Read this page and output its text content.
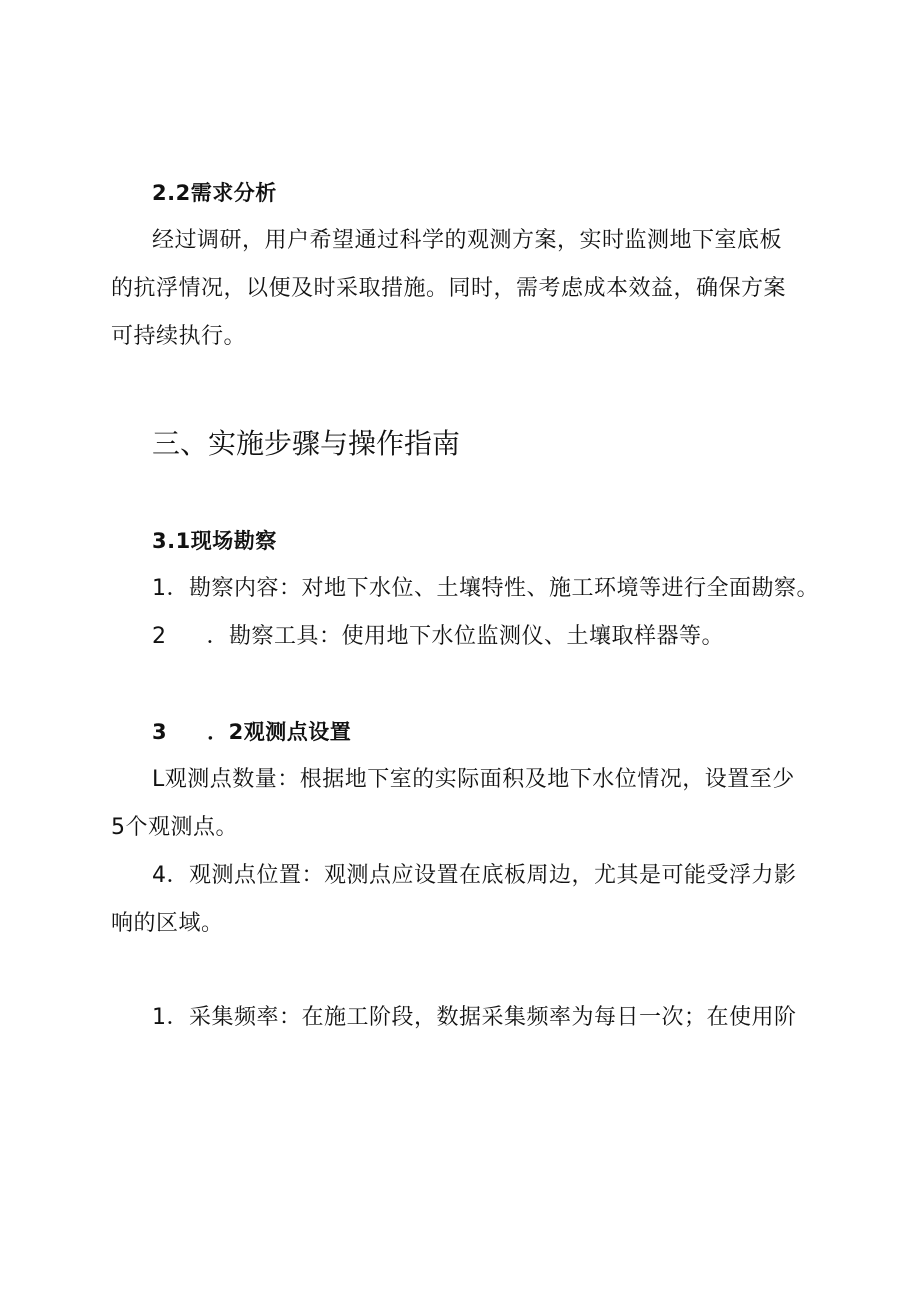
2.2需求分析
经过调研，用户希望通过科学的观测方案，实时监测地下室底板
的抗浮情况，以便及时采取措施。同时，需考虑成本效益，确保方案
可持续执行。
三、实施步骤与操作指南
3.1现场勘察
1．勘察内容：对地下水位、土壤特性、施工环境等进行全面勘察。
2 ．勘察工具：使用地下水位监测仪、土壤取样器等。
3 ．2观测点设置
L观测点数量：根据地下室的实际面积及地下水位情况，设置至少
5个观测点。
4．观测点位置：观测点应设置在底板周边，尤其是可能受浮力影
响的区域。
1．采集频率：在施工阶段，数据采集频率为每日一次；在使用阶
